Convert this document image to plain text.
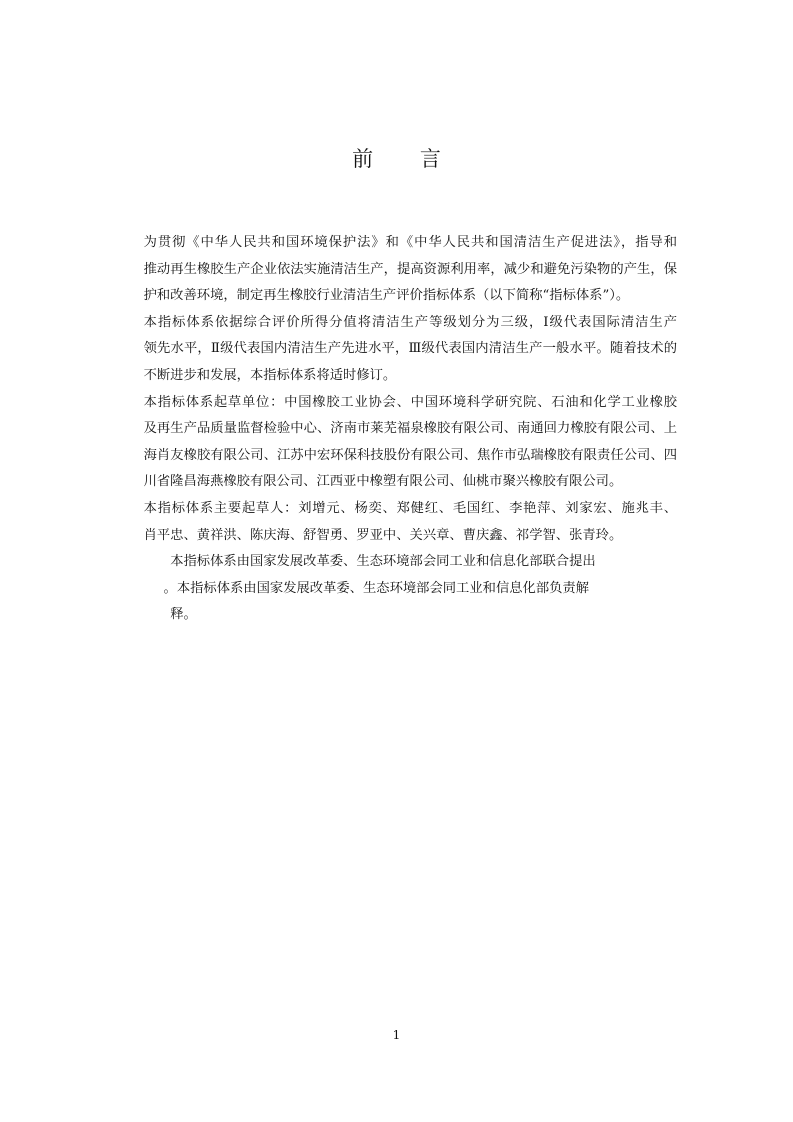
前 言
为贯彻《中华人民共和国环境保护法》和《中华人民共和国清洁生产促进法》，指导和
推动再生橡胶生产企业依法实施清洁生产，提高资源利用率，减少和避免污染物的产生，保
护和改善环境，制定再生橡胶行业清洁生产评价指标体系（以下简称“指标体系”）。
本指标体系依据综合评价所得分值将清洁生产等级划分为三级，Ⅰ级代表国际清洁生产
领先水平，Ⅱ级代表国内清洁生产先进水平，Ⅲ级代表国内清洁生产一般水平。随着技术的
不断进步和发展，本指标体系将适时修订。
本指标体系起草单位：中国橡胶工业协会、中国环境科学研究院、石油和化学工业橡胶
及再生产品质量监督检验中心、济南市莱芜福泉橡胶有限公司、南通回力橡胶有限公司、上
海肖友橡胶有限公司、江苏中宏环保科技股份有限公司、焦作市弘瑞橡胶有限责任公司、四
川省隆昌海燕橡胶有限公司、江西亚中橡塑有限公司、仙桃市聚兴橡胶有限公司。
本指标体系主要起草人：刘增元、杨奕、郑健红、毛国红、李艳萍、刘家宏、施兆丰、
肖平忠、黄祥洪、陈庆海、舒智勇、罗亚中、关兴章、曹庆鑫、祁学智、张青玲。
本指标体系由国家发展改革委、生态环境部会同工业和信息化部联合提出
。本指标体系由国家发展改革委、生态环境部会同工业和信息化部负责解
释。
1
